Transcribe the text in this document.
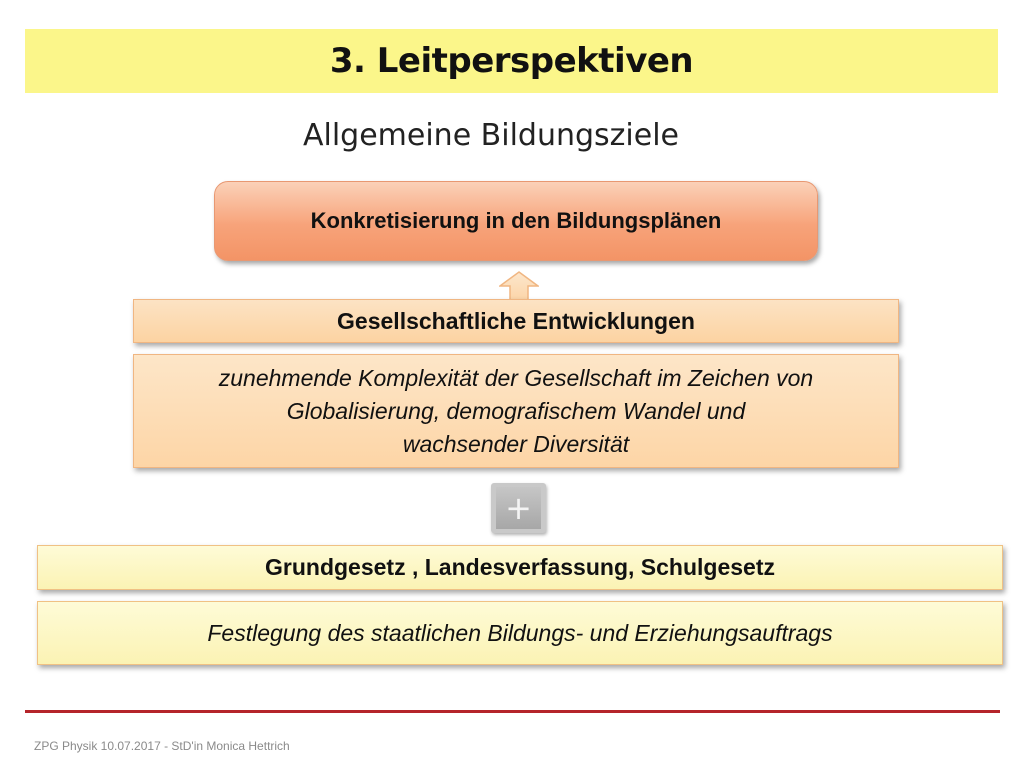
3. Leitperspektiven
Allgemeine Bildungsziele
Konkretisierung in den Bildungsplänen
Gesellschaftliche Entwicklungen
zunehmende Komplexität der Gesellschaft im Zeichen von
Globalisierung, demografischem Wandel und
wachsender Diversität
+
Grundgesetz , Landesverfassung, Schulgesetz
Festlegung des staatlichen Bildungs- und Erziehungsauftrags
ZPG Physik 10.07.2017 - StD'in Monica Hettrich
